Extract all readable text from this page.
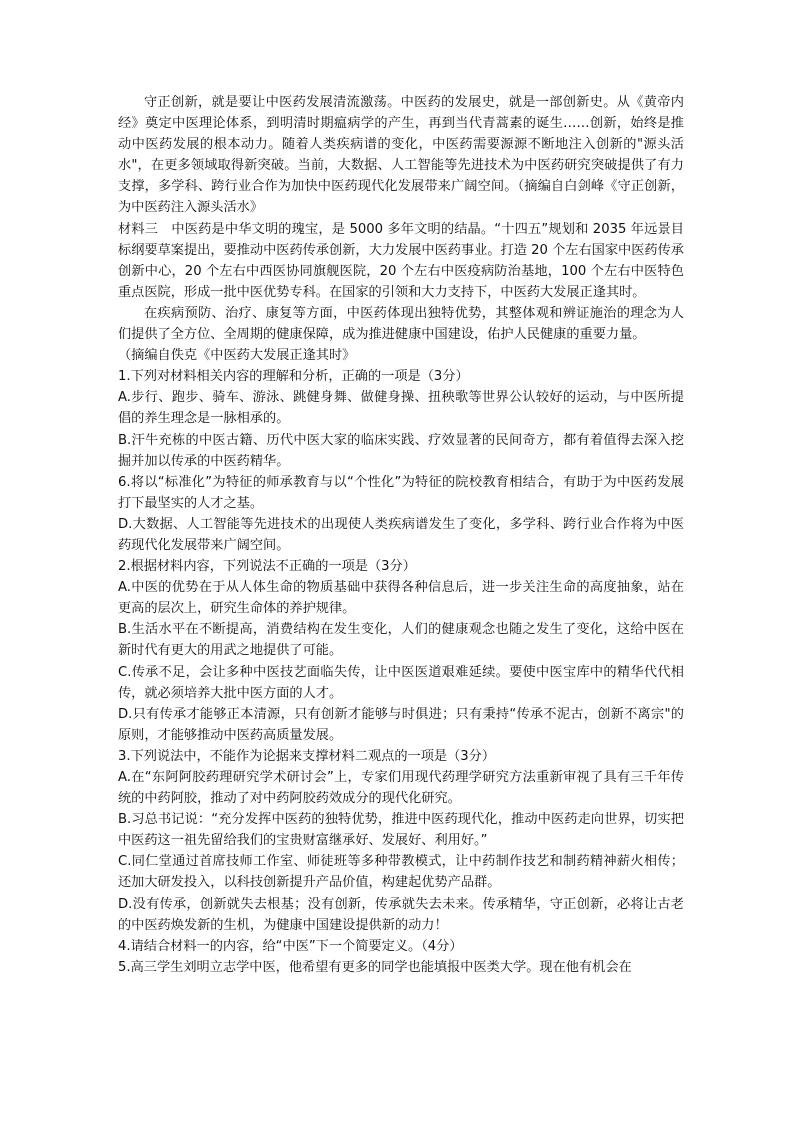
守正创新，就是要让中医药发展清流激荡。中医药的发展史，就是一部创新史。从《黄帝内经》奠定中医理论体系，到明清时期瘟病学的产生，再到当代青蒿素的诞生……创新，始终是推动中医药发展的根本动力。随着人类疾病谱的变化，中医药需要源源不断地注入创新的"源头活水"，在更多领域取得新突破。当前，大数据、人工智能等先进技术为中医药研究突破提供了有力支撑，多学科、跨行业合作为加快中医药现代化发展带来广阔空间。（摘编自白剑峰《守正创新，为中医药注入源头活水》

材料三　中医药是中华文明的瑰宝，是 5000 多年文明的结晶。“十四五”规划和 2035 年远景目标纲要草案提出，要推动中医药传承创新，大力发展中医药事业。打造 20 个左右国家中医药传承创新中心，20 个左右中西医协同旗舰医院，20 个左右中医疫病防治基地，100 个左右中医特色重点医院，形成一批中医优势专科。在国家的引领和大力支持下，中医药大发展正逢其时。

在疾病预防、治疗、康复等方面，中医药体现出独特优势，其整体观和辨证施治的理念为人们提供了全方位、全周期的健康保障，成为推进健康中国建设，佑护人民健康的重要力量。

（摘编自佚克《中医药大发展正逢其时》

1.下列对材料相关内容的理解和分析，正确的一项是（3分）

A.步行、跑步、骑车、游泳、跳健身舞、做健身操、扭秧歌等世界公认较好的运动，与中医所提倡的养生理念是一脉相承的。

B.汗牛充栋的中医古籍、历代中医大家的临床实践、疗效显著的民间奇方，都有着值得去深入挖掘并加以传承的中医药精华。

6.将以“标准化”为特征的师承教育与以“个性化”为特征的院校教育相结合，有助于为中医药发展打下最坚实的人才之基。

D.大数据、人工智能等先进技术的出现使人类疾病谱发生了变化，多学科、跨行业合作将为中医药现代化发展带来广阔空间。

2.根据材料内容，下列说法不正确的一项是（3分）

A.中医的优势在于从人体生命的物质基础中获得各种信息后，进一步关注生命的高度抽象，站在更高的层次上，研究生命体的养护规律。

B.生活水平在不断提高，消费结构在发生变化，人们的健康观念也随之发生了变化，这给中医在新时代有更大的用武之地提供了可能。

C.传承不足，会让多种中医技艺面临失传，让中医医道艰难延续。要使中医宝库中的精华代代相传，就必须培养大批中医方面的人才。

D.只有传承才能够正本清源，只有创新才能够与时俱进；只有秉持“传承不泥古，创新不离宗"的原则，才能够推动中医药高质量发展。

3.下列说法中，不能作为论据来支撑材料二观点的一项是（3分）

A.在“东阿阿胶药理研究学术研讨会”上，专家们用现代药理学研究方法重新审视了具有三千年传统的中药阿胶，推动了对中药阿胶药效成分的现代化研究。

B.习总书记说：“充分发挥中医药的独特优势，推进中医药现代化，推动中医药走向世界，切实把中医药这一祖先留给我们的宝贵财富继承好、发展好、利用好。”

C.同仁堂通过首席技师工作室、师徒班等多种带教模式，让中药制作技艺和制药精神薪火相传；还加大研发投入，以科技创新提升产品价值，构建起优势产品群。

D.没有传承，创新就失去根基；没有创新，传承就失去未来。传承精华，守正创新，必将让古老的中医药焕发新的生机，为健康中国建设提供新的动力！

4.请结合材料一的内容，给“中医”下一个简要定义。（4分）

5.高三学生刘明立志学中医，他希望有更多的同学也能填报中医类大学。现在他有机会在
